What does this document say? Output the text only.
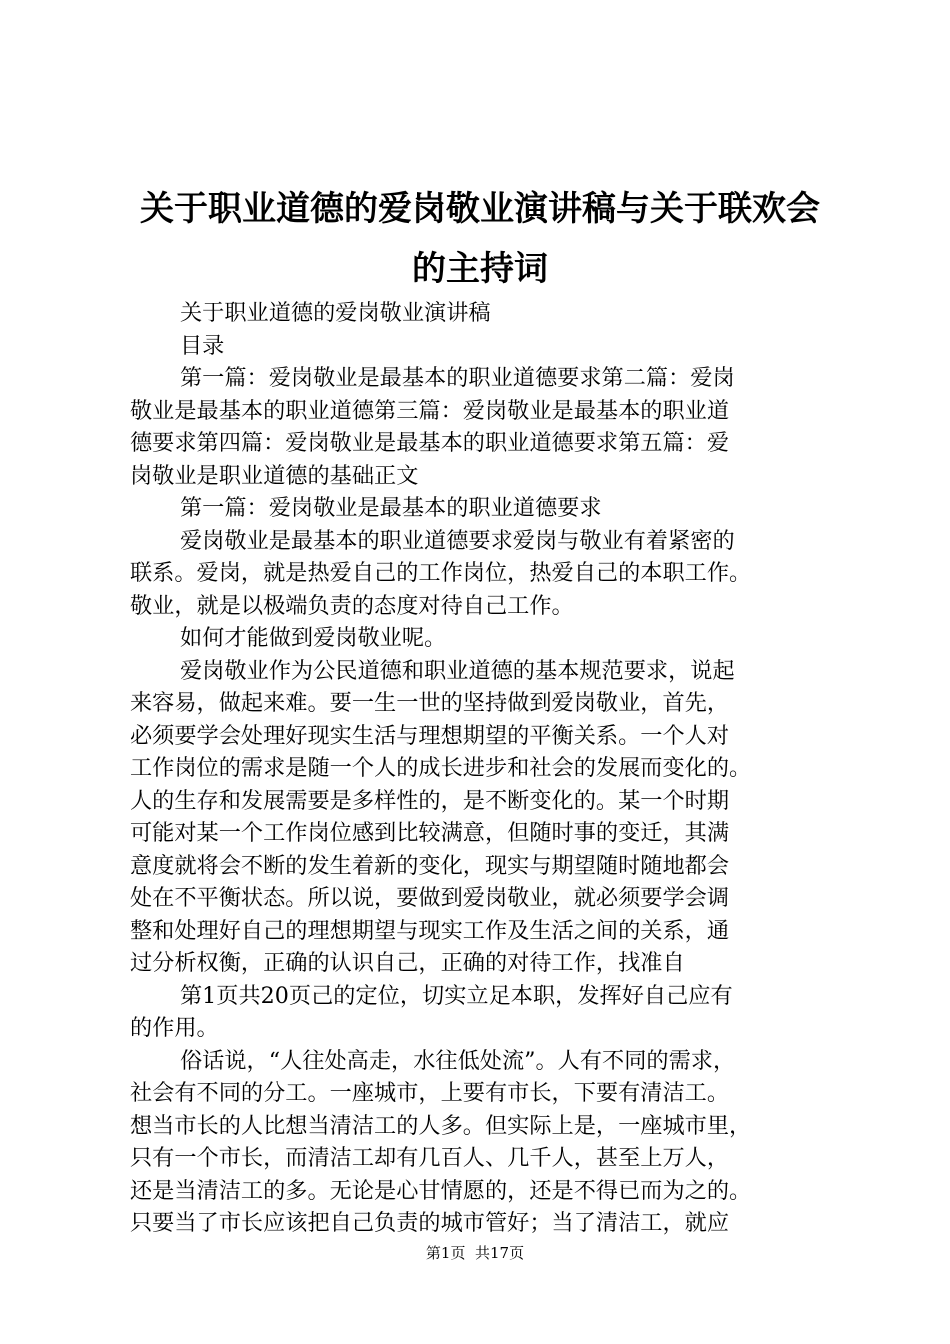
关于职业道德的爱岗敬业演讲稿与关于联欢会
的主持词
关于职业道德的爱岗敬业演讲稿
目录
第一篇：爱岗敬业是最基本的职业道德要求第二篇：爱岗
敬业是最基本的职业道德第三篇：爱岗敬业是最基本的职业道
德要求第四篇：爱岗敬业是最基本的职业道德要求第五篇：爱
岗敬业是职业道德的基础正文
第一篇：爱岗敬业是最基本的职业道德要求
爱岗敬业是最基本的职业道德要求爱岗与敬业有着紧密的
联系。爱岗，就是热爱自己的工作岗位，热爱自己的本职工作。
敬业，就是以极端负责的态度对待自己工作。
如何才能做到爱岗敬业呢。
爱岗敬业作为公民道德和职业道德的基本规范要求，说起
来容易，做起来难。要一生一世的坚持做到爱岗敬业，首先，
必须要学会处理好现实生活与理想期望的平衡关系。一个人对
工作岗位的需求是随一个人的成长进步和社会的发展而变化的。
人的生存和发展需要是多样性的，是不断变化的。某一个时期
可能对某一个工作岗位感到比较满意，但随时事的变迁，其满
意度就将会不断的发生着新的变化，现实与期望随时随地都会
处在不平衡状态。所以说，要做到爱岗敬业，就必须要学会调
整和处理好自己的理想期望与现实工作及生活之间的关系，通
过分析权衡，正确的认识自己，正确的对待工作，找准自
第1页共20页己的定位，切实立足本职，发挥好自己应有
的作用。
俗话说，“人往处高走，水往低处流”。人有不同的需求，
社会有不同的分工。一座城市，上要有市长，下要有清洁工。
想当市长的人比想当清洁工的人多。但实际上是，一座城市里，
只有一个市长，而清洁工却有几百人、几千人，甚至上万人，
还是当清洁工的多。无论是心甘情愿的，还是不得已而为之的。
只要当了市长应该把自己负责的城市管好；当了清洁工，就应
第1页  共17页
